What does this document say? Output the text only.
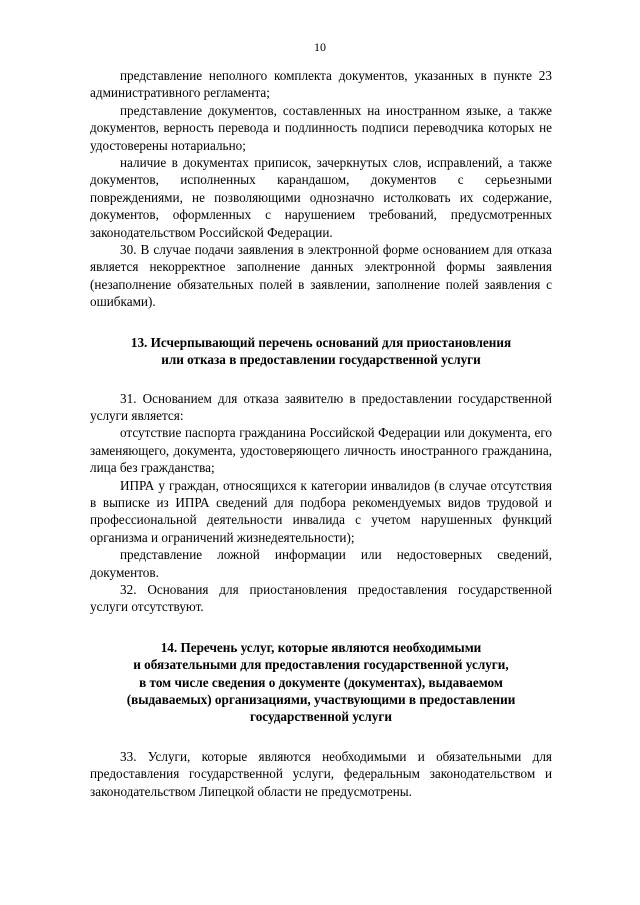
10

представление неполного комплекта документов, указанных в пункте 23 административного регламента;

представление документов, составленных на иностранном языке, а также документов, верность перевода и подлинность подписи переводчика которых не удостоверены нотариально;

наличие в документах приписок, зачеркнутых слов, исправлений, а также документов, исполненных карандашом, документов с серьезными повреждениями, не позволяющими однозначно истолковать их содержание, документов, оформленных с нарушением требований, предусмотренных законодательством Российской Федерации.

30. В случае подачи заявления в электронной форме основанием для отказа является некорректное заполнение данных электронной формы заявления (незаполнение обязательных полей в заявлении, заполнение полей заявления с ошибками).

13. Исчерпывающий перечень оснований для приостановления
или отказа в предоставлении государственной услуги

31. Основанием для отказа заявителю в предоставлении государственной услуги является:

отсутствие паспорта гражданина Российской Федерации или документа, его заменяющего, документа, удостоверяющего личность иностранного гражданина, лица без гражданства;

ИПРА у граждан, относящихся к категории инвалидов (в случае отсутствия в выписке из ИПРА сведений для подбора рекомендуемых видов трудовой и профессиональной деятельности инвалида с учетом нарушенных функций организма и ограничений жизнедеятельности);

представление ложной информации или недостоверных сведений, документов.

32. Основания для приостановления предоставления государственной услуги отсутствуют.

14. Перечень услуг, которые являются необходимыми
и обязательными для предоставления государственной услуги,
в том числе сведения о документе (документах), выдаваемом
(выдаваемых) организациями, участвующими в предоставлении
государственной услуги

33. Услуги, которые являются необходимыми и обязательными для предоставления государственной услуги, федеральным законодательством и законодательством Липецкой области не предусмотрены.
